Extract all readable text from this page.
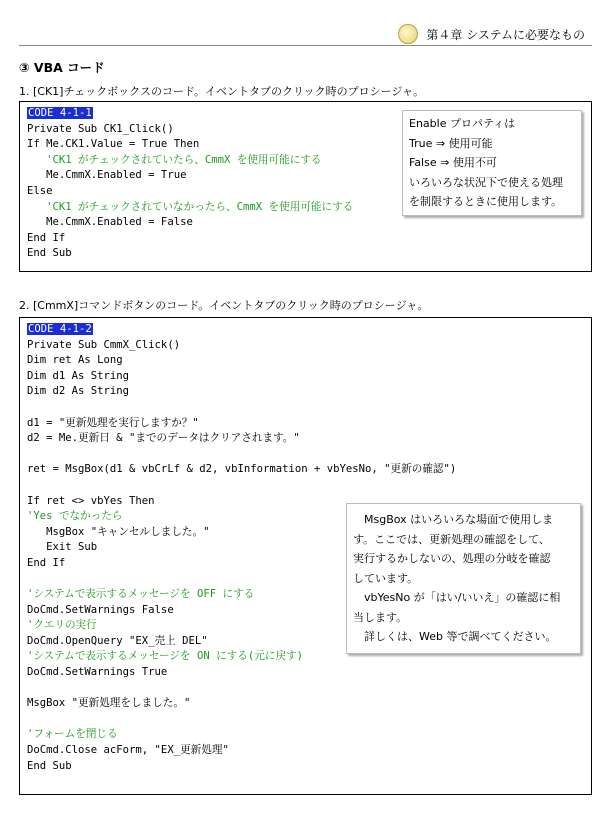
第４章 システムに必要なもの
③ VBA コード
1. [CK1]チェックボックスのコード。イベントタブのクリック時のプロシージャ。
CODE 4-1-1
Private Sub CK1_Click()
If Me.CK1.Value = True Then
'CK1 がチェックされていたら、CmmX を使用可能にする
Me.CmmX.Enabled = True
Else
'CK1 がチェックされていなかったら、CmmX を使用可能にする
Me.CmmX.Enabled = False
End If
End Sub
Enable プロパティは
True ⇒ 使用可能
False ⇒ 使用不可
いろいろな状況下で使える処理
を制限するときに使用します。
2. [CmmX]コマンドボタンのコード。イベントタブのクリック時のプロシージャ。
CODE 4-1-2
Private Sub CmmX_Click()
Dim ret As Long
Dim d1 As String
Dim d2 As String
d1 = "更新処理を実行しますか？"
d2 = Me.更新日 & "までのデータはクリアされます。"
ret = MsgBox(d1 & vbCrLf & d2, vbInformation + vbYesNo, "更新の確認")
If ret <> vbYes Then
'Yes でなかったら
MsgBox "キャンセルしました。"
Exit Sub
End If
'システムで表示するメッセージを OFF にする
DoCmd.SetWarnings False
'クエリの実行
DoCmd.OpenQuery "EX_売上 DEL"
'システムで表示するメッセージを ON にする(元に戻す)
DoCmd.SetWarnings True
MsgBox "更新処理をしました。"
'フォームを閉じる
DoCmd.Close acForm, "EX_更新処理"
End Sub
　MsgBox はいろいろな場面で使用しま
す。ここでは、更新処理の確認をして、
実行するかしないの、処理の分岐を確認
しています。
　vbYesNo が「はい/いいえ」の確認に相
当します。
　詳しくは、Web 等で調べてください。
